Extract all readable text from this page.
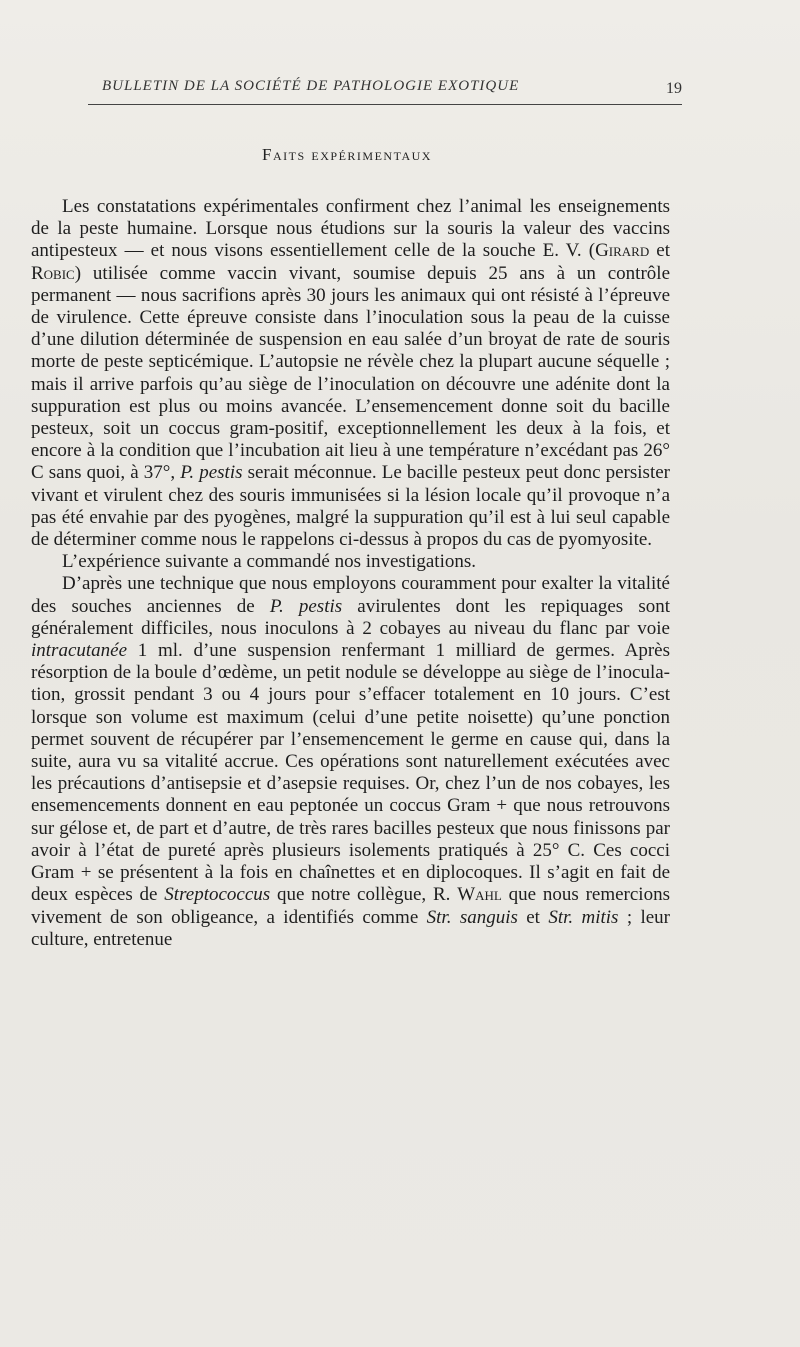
BULLETIN DE LA SOCIÉTÉ DE PATHOLOGIE EXOTIQUE	19
Faits expérimentaux

Les constatations expérimentales confirment chez l’animal les enseignements de la peste humaine. Lorsque nous étudions sur la souris la valeur des vaccins antipesteux — et nous visons essentiellement celle de la souche E. V. (Girard et Robic) utilisée comme vaccin vivant, soumise depuis 25 ans à un contrôle permanent — nous sacrifions après 30 jours les animaux qui ont résisté à l’épreuve de virulence. Cette épreuve consiste dans l’inoculation sous la peau de la cuisse d’une dilution déterminée de suspension en eau salée d’un broyat de rate de souris morte de peste septicémique. L’autopsie ne révèle chez la plupart aucune séquelle ; mais il arrive parfois qu’au siège de l’inoculation on découvre une adénite dont la suppuration est plus ou moins avancée. L’ensemencement donne soit du bacille pesteux, soit un coccus gram-positif, exceptionnellement les deux à la fois, et encore à la condition que l’incubation ait lieu à une température n’excédant pas 26° C sans quoi, à 37°, P. pestis serait méconnue. Le bacille pesteux peut donc persister vivant et virulent chez des souris immunisées si la lésion locale qu’il provoque n’a pas été envahie par des pyogènes, malgré la suppuration qu’il est à lui seul capable de déterminer comme nous le rappelons ci-dessus à propos du cas de pyomyosite.

L’expérience suivante a commandé nos investigations.

D’après une technique que nous employons couramment pour exalter la vitalité des souches anciennes de P. pestis avirulentes dont les repiquages sont généralement difficiles, nous inoculons à 2 cobayes au niveau du flanc par voie intracutanée 1 ml. d’une suspension renfermant 1 milliard de germes. Après résorption de la boule d’œdème, un petit nodule se développe au siège de l’inoculation, grossit pendant 3 ou 4 jours pour s’effacer totalement en 10 jours. C’est lorsque son volume est maximum (celui d’une petite noisette) qu’une ponction permet souvent de récupérer par l’ensemencement le germe en cause qui, dans la suite, aura vu sa vitalité accrue. Ces opérations sont naturellement exécutées avec les précautions d’antisepsie et d’asepsie requises. Or, chez l’un de nos cobayes, les ensemencements donnent en eau peptonée un coccus Gram + que nous retrouvons sur gélose et, de part et d’autre, de très rares bacilles pesteux que nous finissons par avoir à l’état de pureté après plusieurs isolements pratiqués à 25° C. Ces cocci Gram + se présentent à la fois en chaînettes et en diplocoques. Il s’agit en fait de deux espèces de Streptococcus que notre collègue, R. Wahl que nous remercions vivement de son obligeance, a identifiés comme Str. sanguis et Str. mitis ; leur culture, entretenue
